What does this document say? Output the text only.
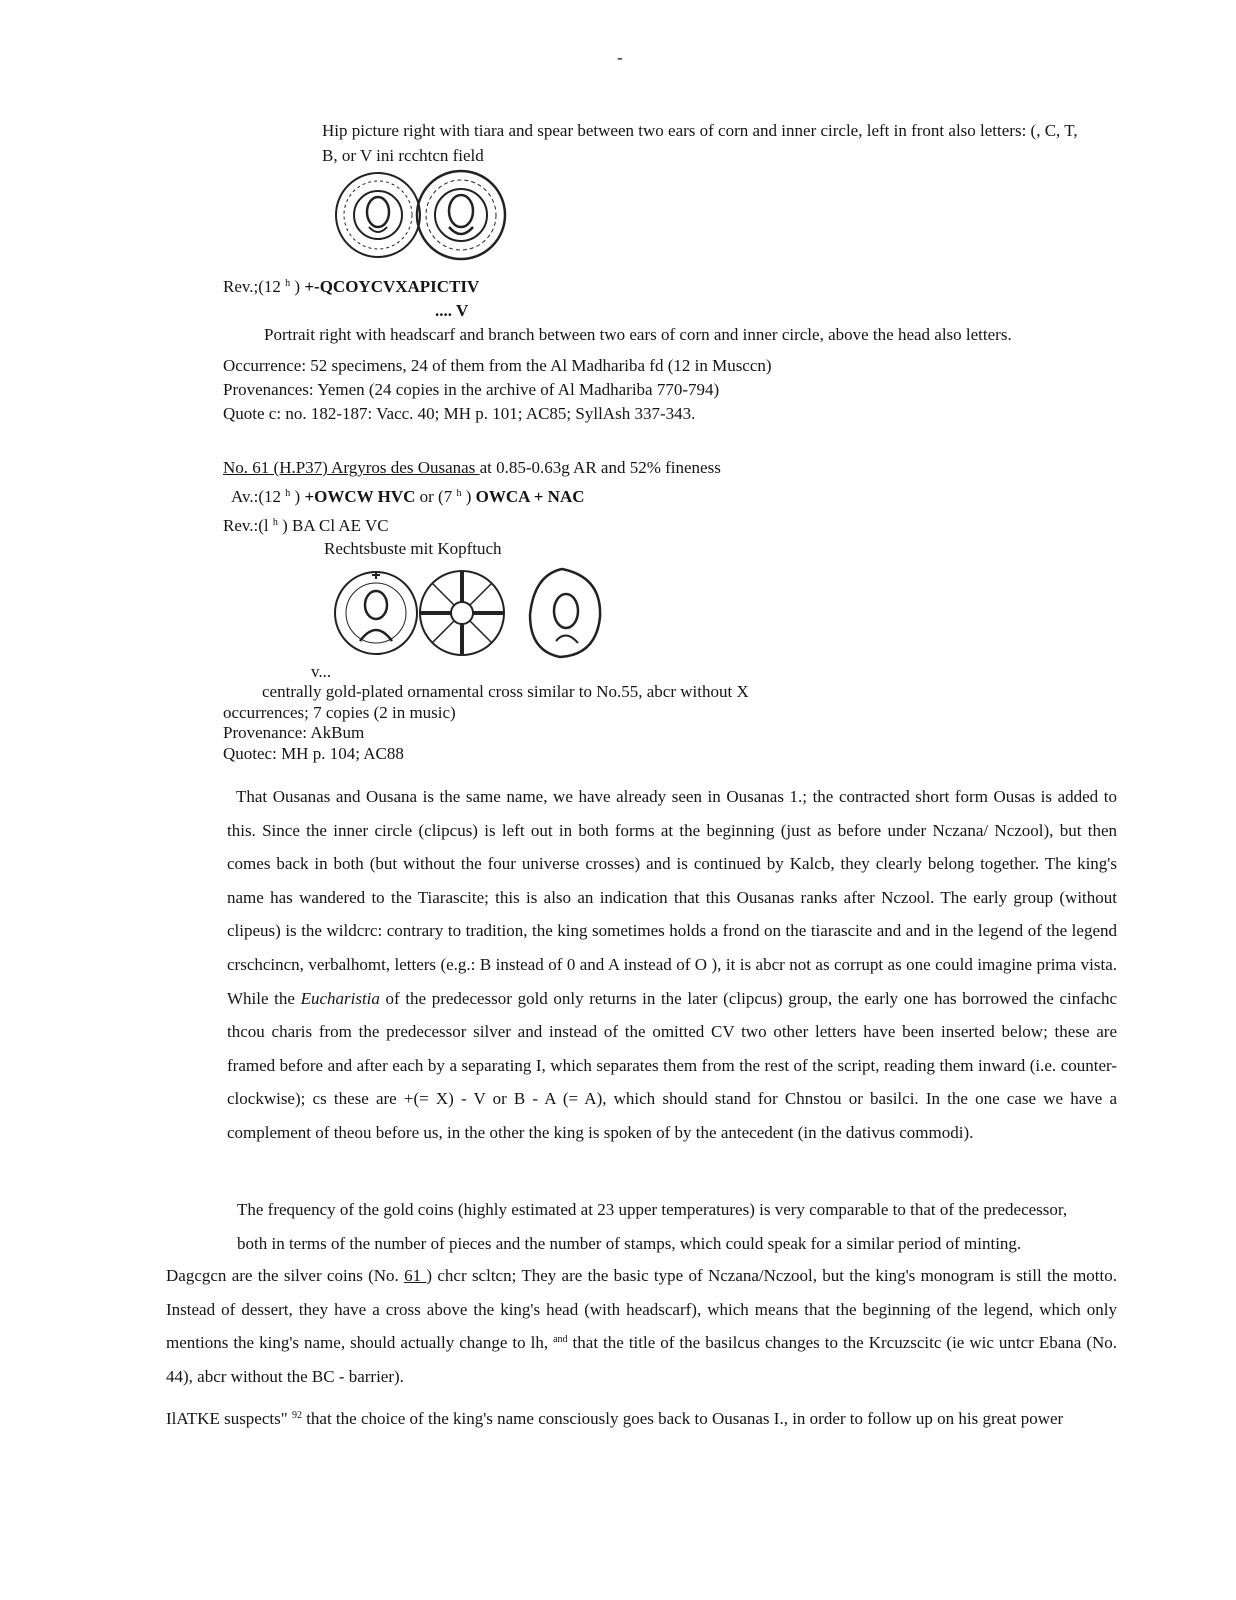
-
Hip picture right with tiara and spear between two ears of corn and inner circle, left in front also letters: (, C, T,
B, or V ini rcchtcn field
Rev.;(12 $^h$ ) +-QCOYCVXAPICTIV
.... V
Portrait right with headscarf and branch between two ears of corn and inner circle, above the head also letters.
Occurrence: 52 specimens, 24 of them from the Al Madhariba fd (12 in Musccn)
Provenances: Yemen (24 copies in the archive of Al Madhariba 770-794)
Quote c: no. 182-187: Vacc. 40; MH p. 101; AC85; SyllAsh 337-343.
No. 61 (H.P37) Argyros des Ousanas at 0.85-0.63g AR and 52% fineness
Av.:(12 $^h$ ) +OWCW HVC or (7 $^h$ ) OWCA + NAC
Rev.:(l $^h$ ) BA Cl AE VC
Rechtsbuste mit Kopftuch
v...
centrally gold-plated ornamental cross similar to No.55, abcr without X
occurrences; 7 copies (2 in music)
Provenance: AkBum
Quotec: MH p. 104; AC88
That Ousanas and Ousana is the same name, we have already seen in Ousanas 1.; the contracted short form Ousas is added to this. Since the inner circle (clipcus) is left out in both forms at the beginning (just as before under Nczana/ Nczool), but then comes back in both (but without the four universe crosses) and is continued by Kalcb, they clearly belong together. The king's name has wandered to the Tiarascite; this is also an indication that this Ousanas ranks after Nczool. The early group (without clipeus) is the wildcrc: contrary to tradition, the king sometimes holds a frond on the tiarascite and and in the legend of the legend crschcincn, verbalhomt, letters (e.g.: B instead of 0 and A instead of O ), it is abcr not as corrupt as one could imagine prima vista. While the Eucharistia of the predecessor gold only returns in the later (clipcus) group, the early one has borrowed the cinfachc thcou charis from the predecessor silver and instead of the omitted CV two other letters have been inserted below; these are framed before and after each by a separating I, which separates them from the rest of the script, reading them inward (i.e. counter-clockwise); cs these are +(= X) - V or B - A (= A), which should stand for Chnstou or basilci. In the one case we have a complement of theou before us, in the other the king is spoken of by the antecedent (in the dativus commodi).
The frequency of the gold coins (highly estimated at 23 upper temperatures) is very comparable to that of the predecessor,
both in terms of the number of pieces and the number of stamps, which could speak for a similar period of minting.
Dagcgcn are the silver coins (No. 61 ) chcr scltcn; They are the basic type of Nczana/Nczool, but the king's monogram is still the motto. Instead of dessert, they have a cross above the king's head (with headscarf), which means that the beginning of the legend, which only mentions the king's name, should actually change to lh, $^{and}$ that the title of the basilcus changes to the Krcuzscitc (ie wic untcr Ebana (No. 44), abcr without the BC - barrier).
IlATKE suspects" $^{92}$ that the choice of the king's name consciously goes back to Ousanas I., in order to follow up on his great power
